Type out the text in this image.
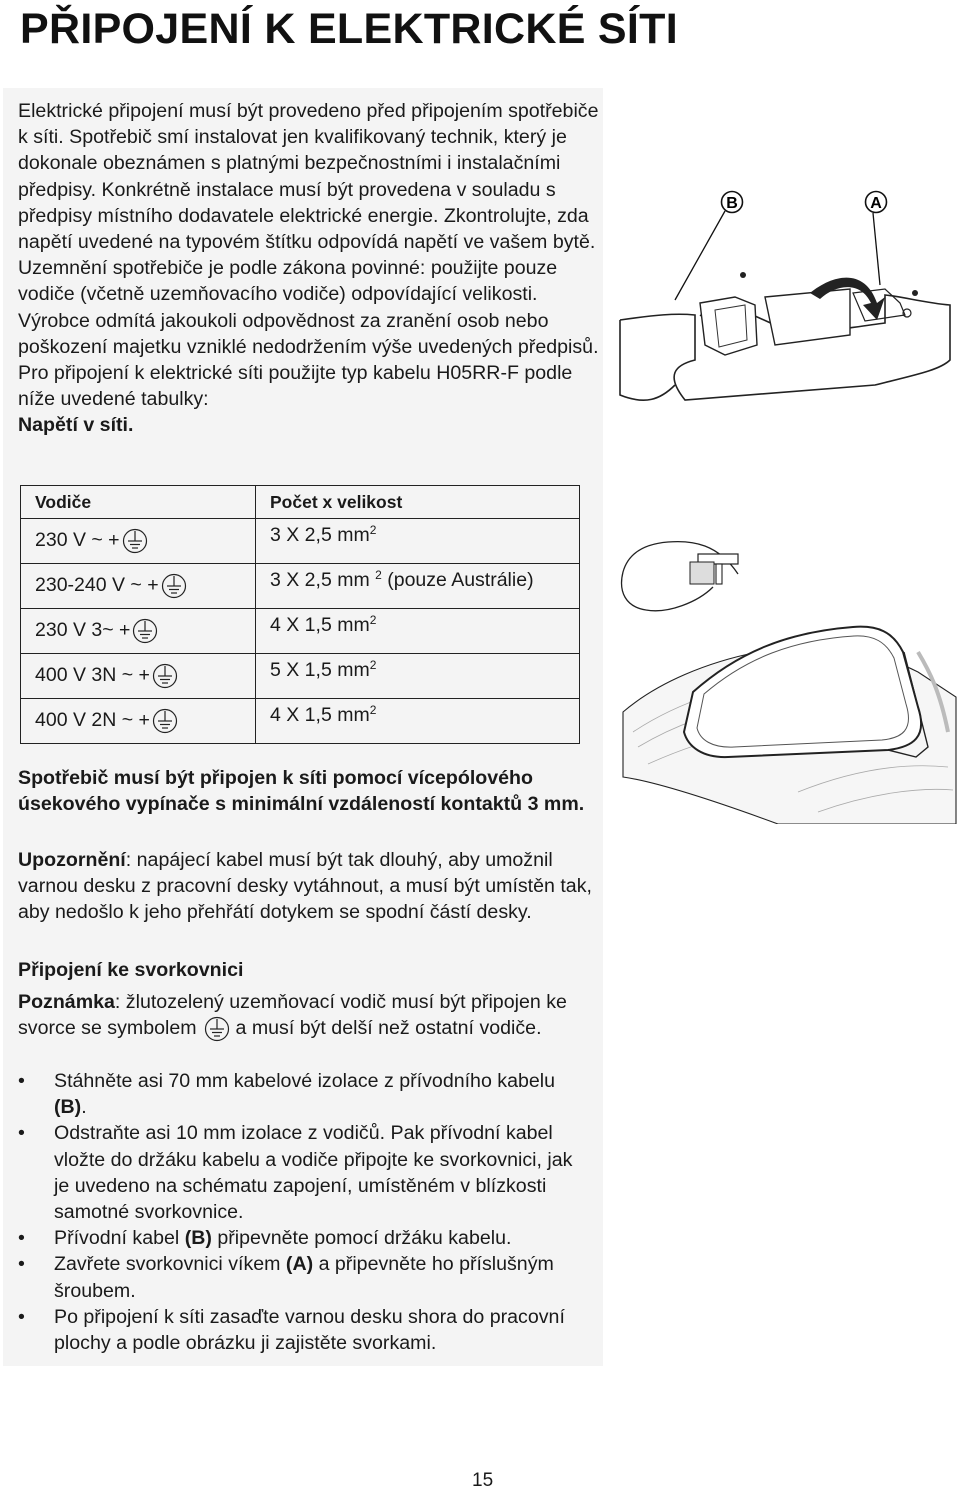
PŘIPOJENÍ K ELEKTRICKÉ SÍTI

Elektrické připojení musí být provedeno před připojením spotřebiče k síti. Spotřebič smí instalovat jen kvalifikovaný technik, který je dokonale obeznámen s platnými bezpečnostními i instalačními předpisy. Konkrétně instalace musí být provedena v souladu s předpisy místního dodavatele elektrické energie. Zkontrolujte, zda napětí uvedené na typovém štítku odpovídá napětí ve vašem bytě. Uzemnění spotřebiče je podle zákona povinné: použijte pouze vodiče (včetně uzemňovacího vodiče) odpovídající velikosti. Výrobce odmítá jakoukoli odpovědnost za zranění osob nebo poškození majetku vzniklé nedodržením výše uvedených předpisů. Pro připojení k elektrické síti použijte typ kabelu H05RR-F podle níže uvedené tabulky:
Napětí v síti.

Vodiče	Počet x velikost
230 V ~ +	3 X 2,5 $mm^2$
230-240 V ~ +	3 X 2,5 mm $^2$ (pouze Austrálie)
230 V 3~ +	4 X 1,5 $mm^2$
400 V 3N ~ +	5 X 1,5 $mm^2$
400 V 2N ~ +	4 X 1,5 $mm^2$

Spotřebič musí být připojen k síti pomocí vícepólového úsekového vypínače s minimální vzdáleností kontaktů 3 mm.

Upozornění: napájecí kabel musí být tak dlouhý, aby umožnil varnou desku z pracovní desky vytáhnout, a musí být umístěn tak, aby nedošlo k jeho přehřátí dotykem se spodní částí desky.

Připojení ke svorkovnici

Poznámka: žlutozelený uzemňovací vodič musí být připojen ke svorce se symbolem a musí být delší než ostatní vodiče.

• Stáhněte asi 70 mm kabelové izolace z přívodního kabelu (B).
• Odstraňte asi 10 mm izolace z vodičů. Pak přívodní kabel vložte do držáku kabelu a vodiče připojte ke svorkovnici, jak je uvedeno na schématu zapojení, umístěném v blízkosti samotné svorkovnice.
• Přívodní kabel (B) připevněte pomocí držáku kabelu.
• Zavřete svorkovnici víkem (A) a připevněte ho příslušným šroubem.
• Po připojení k síti zasaďte varnou desku shora do pracovní plochy a podle obrázku ji zajistěte svorkami.
B	A
15
